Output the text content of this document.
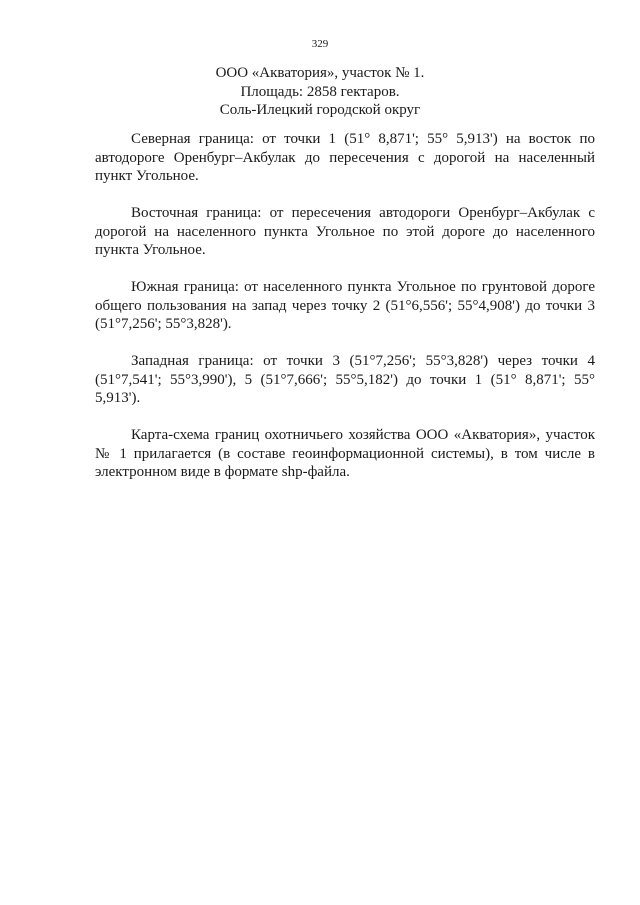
329
ООО «Акватория», участок № 1.
Площадь: 2858 гектаров.
Соль-Илецкий городской округ

Северная граница: от точки 1 (51° 8,871'; 55° 5,913') на восток по автодороге Оренбург–Акбулак до пересечения с дорогой на населенный пункт Угольное.

Восточная граница: от пересечения автодороги Оренбург–Акбулак с дорогой на населенного пункта Угольное по этой дороге до населенного пункта Угольное.

Южная граница: от населенного пункта Угольное по грунтовой дороге общего пользования на запад через точку 2 (51°6,556'; 55°4,908') до точки 3 (51°7,256'; 55°3,828').

Западная граница: от точки 3 (51°7,256'; 55°3,828') через точки 4 (51°7,541'; 55°3,990'), 5 (51°7,666'; 55°5,182') до точки 1 (51° 8,871'; 55° 5,913').

Карта-схема границ охотничьего хозяйства ООО «Акватория», участок № 1 прилагается (в составе геоинформационной системы), в том числе в электронном виде в формате shp-файла.
